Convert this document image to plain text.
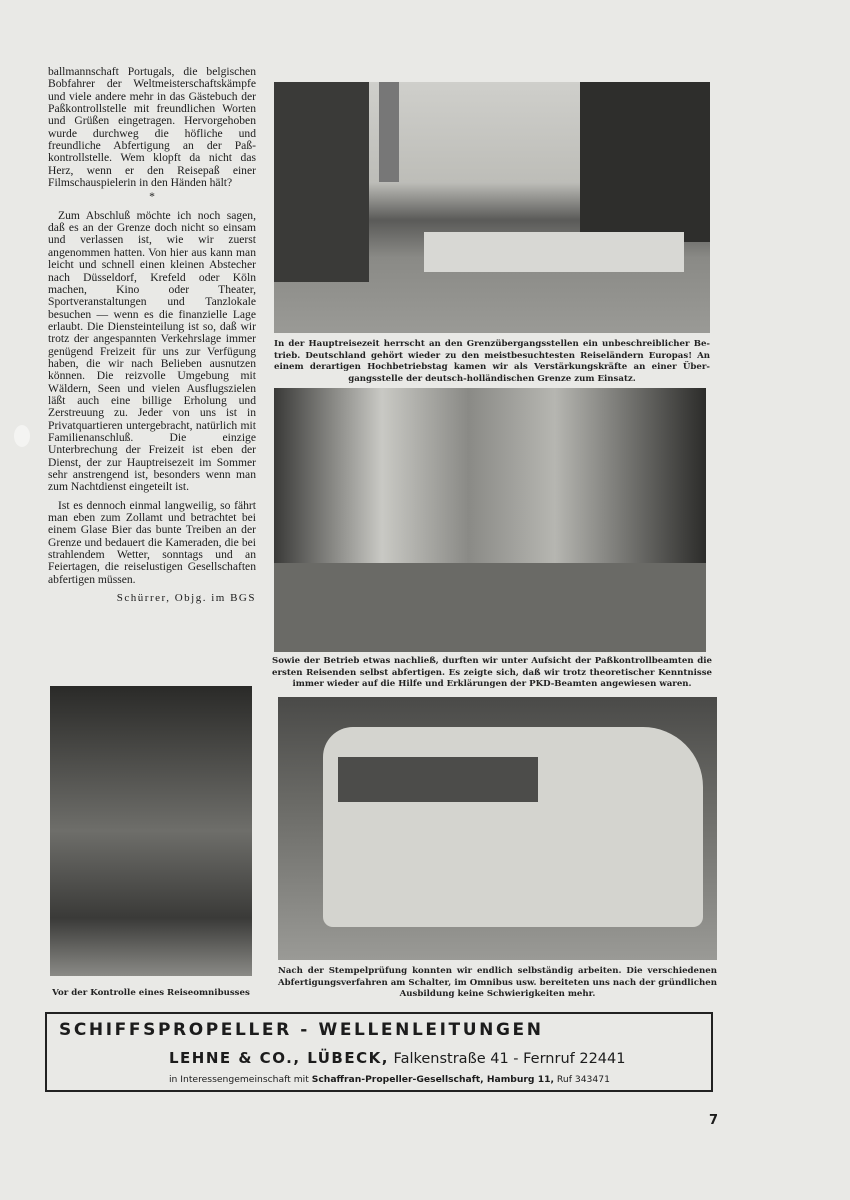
ballmannschaft Portugals, die belgischen Bobfahrer der Weltmeisterschaftskämpfe und viele andere mehr in das Gästebuch der Paßkontrollstelle mit freundlichen Worten und Grüßen eingetragen. Hervorgehoben wurde durchweg die höfliche und freundliche Abfertigung an der Paßkontrollstelle. Wem klopft da nicht das Herz, wenn er den Reisepaß einer Filmschauspielerin in den Händen hält?

*

Zum Abschluß möchte ich noch sagen, daß es an der Grenze doch nicht so einsam und verlassen ist, wie wir zuerst angenommen hatten. Von hier aus kann man leicht und schnell einen kleinen Abstecher nach Düsseldorf, Krefeld oder Köln machen, Kino oder Theater, Sportveranstaltungen und Tanzlokale besuchen — wenn es die finanzielle Lage erlaubt. Die Diensteinteilung ist so, daß wir trotz der angespannten Verkehrslage immer genügend Freizeit für uns zur Verfügung haben, die wir nach Belieben ausnutzen können. Die reizvolle Umgebung mit Wäldern, Seen und vielen Ausflugszielen läßt auch eine billige Erholung und Zerstreuung zu. Jeder von uns ist in Privatquartieren untergebracht, natürlich mit Familienanschluß. Die einzige Unterbrechung der Freizeit ist eben der Dienst, der zur Hauptreisezeit im Sommer sehr anstrengend ist, besonders wenn man zum Nachtdienst eingeteilt ist.

Ist es dennoch einmal langweilig, so fährt man eben zum Zollamt und betrachtet bei einem Glase Bier das bunte Treiben an der Grenze und bedauert die Kameraden, die bei strahlendem Wetter, sonntags und an Feiertagen, die reiselustigen Gesellschaften abfertigen müssen.

Schürrer, Objg. im BGS
In der Hauptreisezeit herrscht an den Grenzübergangsstellen ein unbeschreiblicher Betrieb. Deutschland gehört wieder zu den meistbesuchtesten Reiseländern Europas! An einem derartigen Hochbetriebstag kamen wir als Verstärkungskräfte an einer Übergangsstelle der deutsch-holländischen Grenze zum Einsatz.
Sowie der Betrieb etwas nachließ, durften wir unter Aufsicht der Paßkontrollbeamten die ersten Reisenden selbst abfertigen. Es zeigte sich, daß wir trotz theoretischer Kenntnisse immer wieder auf die Hilfe und Erklärungen der PKD-Beamten angewiesen waren.
Vor der Kontrolle eines Reiseomnibusses
Nach der Stempelprüfung konnten wir endlich selbständig arbeiten. Die verschiedenen Abfertigungsverfahren am Schalter, im Omnibus usw. bereiteten uns nach der gründlichen Ausbildung keine Schwierigkeiten mehr.
SCHIFFSPROPELLER - WELLENLEITUNGEN
LEHNE & CO., LÜBECK, Falkenstraße 41 - Fernruf 22441
in Interessengemeinschaft mit Schaffran-Propeller-Gesellschaft, Hamburg 11, Ruf 343471
7
